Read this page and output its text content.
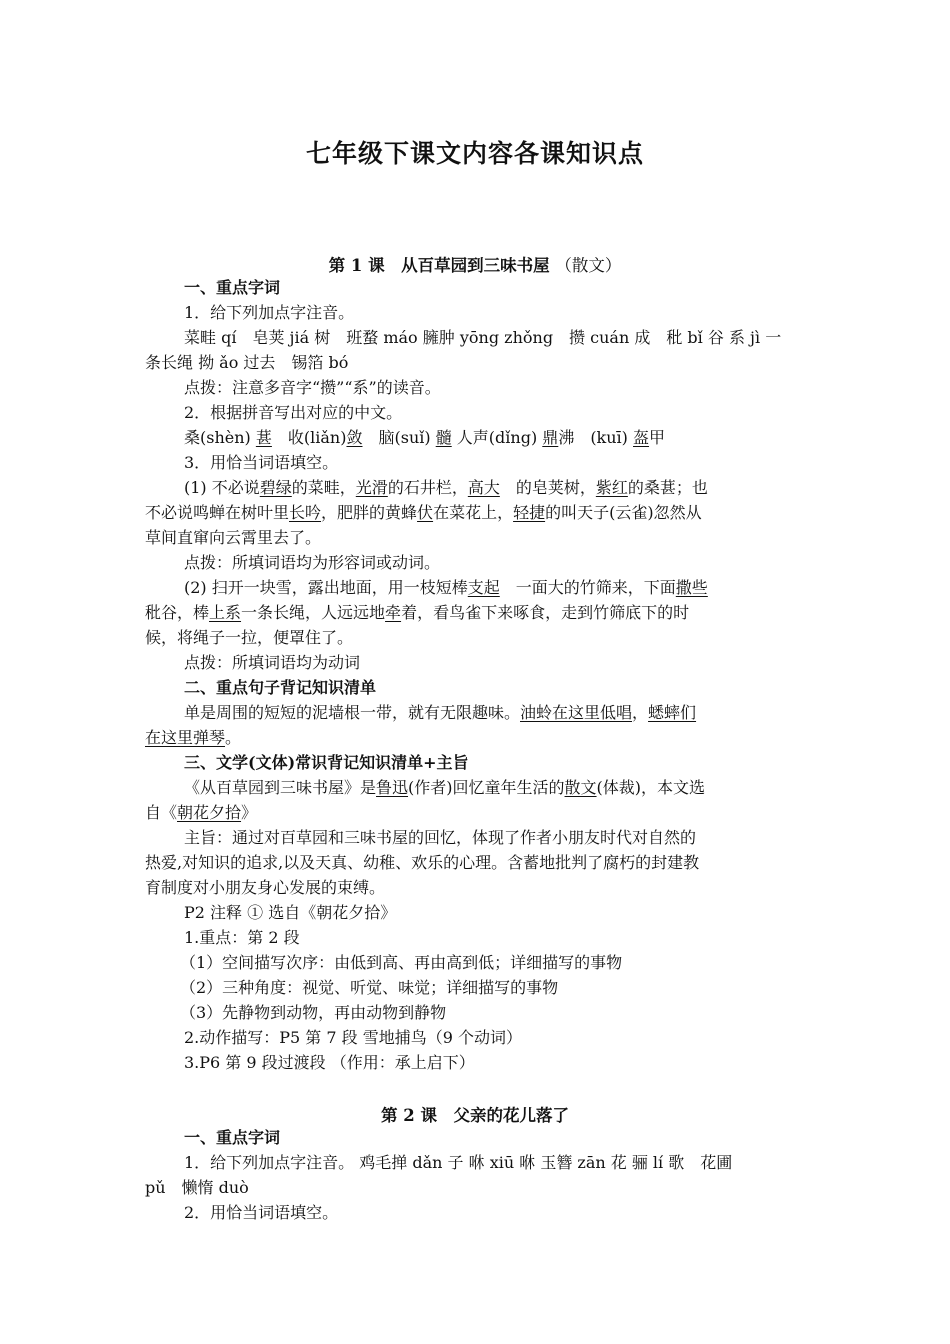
七年级下课文内容各课知识点
第 1 课　从百草园到三味书屋 （散文）
一、重点字词
1．给下列加点字注音。
菜畦 qí　皂荚 jiá 树　班蝥 máo 臃肿 yōng zhǒng　攒 cuán 成　秕 bǐ 谷 系 jì 一
条长绳 拗 ǎo 过去　锡箔 bó
点拨：注意多音字“攒”“系”的读音。
2．根据拼音写出对应的中文。
桑(shèn) 葚　收(liǎn)敛　脑(suǐ) 髓 人声(dǐng) 鼎沸　(kuī) 盔甲
3．用恰当词语填空。
(1) 不必说碧绿的菜畦，光滑的石井栏，高大　的皂荚树，紫红的桑葚；也
不必说鸣蝉在树叶里长吟，肥胖的黄蜂伏在菜花上，轻捷的叫天子(云雀)忽然从
草间直窜向云霄里去了。
点拨：所填词语均为形容词或动词。
(2) 扫开一块雪，露出地面，用一枝短棒支起　一面大的竹筛来，下面撒些
秕谷，棒上系一条长绳，人远远地牵着，看鸟雀下来啄食，走到竹筛底下的时
候，将绳子一拉，便罩住了。
点拨：所填词语均为动词
二、重点句子背记知识清单
单是周围的短短的泥墙根一带，就有无限趣味。油蛉在这里低唱，蟋蟀们
在这里弹琴。
三、文学(文体)常识背记知识清单+主旨
《从百草园到三味书屋》是鲁迅(作者)回忆童年生活的散文(体裁)，本文选
自《朝花夕拾》
主旨：通过对百草园和三味书屋的回忆，体现了作者小朋友时代对自然的
热爱,对知识的追求,以及天真、幼稚、欢乐的心理。含蓄地批判了腐朽的封建教
育制度对小朋友身心发展的束缚。
P2 注释 ① 选自《朝花夕拾》
1.重点：第 2 段
（1）空间描写次序：由低到高、再由高到低；详细描写的事物
（2）三种角度：视觉、听觉、味觉；详细描写的事物
（3）先静物到动物，再由动物到静物
2.动作描写：P5 第 7 段 雪地捕鸟（9 个动词）
3.P6 第 9 段过渡段 （作用：承上启下）
第 2 课　父亲的花儿落了
一、重点字词
1．给下列加点字注音。 鸡毛掸 dǎn 子 咻 xiū 咻 玉簪 zān 花 骊 lí 歌　花圃
pǔ　懒惰 duò
2．用恰当词语填空。
